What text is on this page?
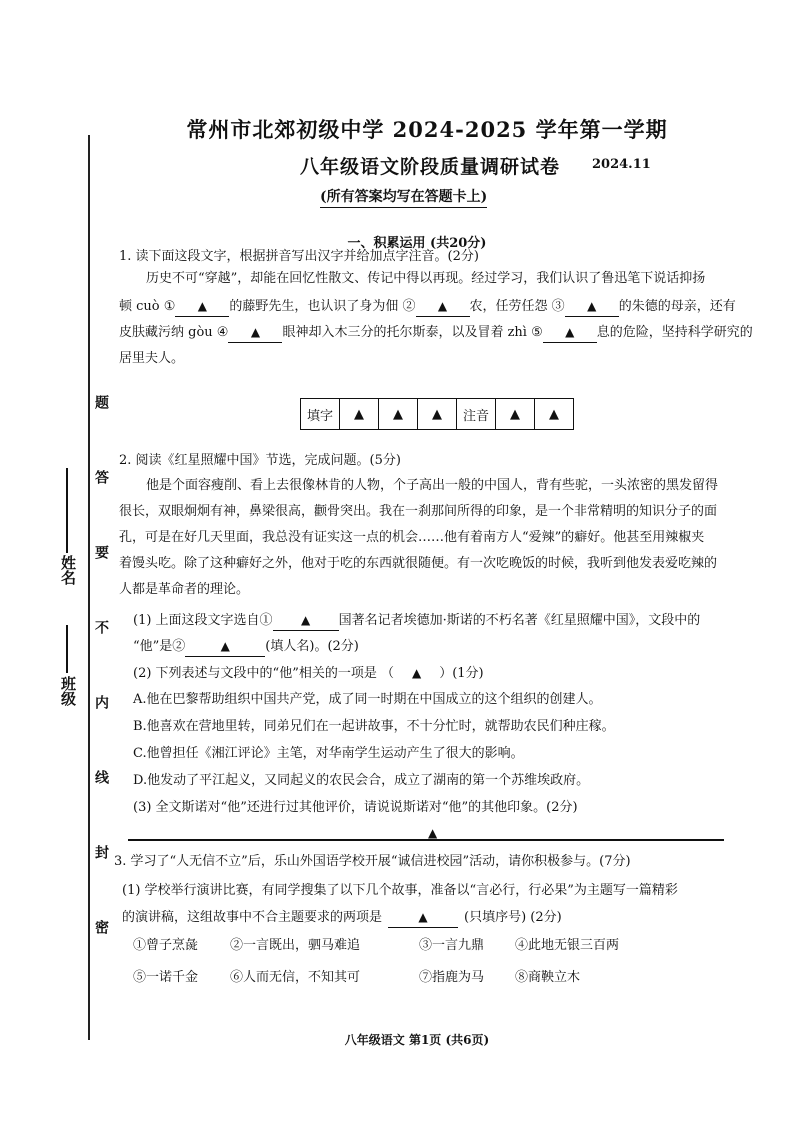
常州市北郊初级中学 2024-2025 学年第一学期
八年级语文阶段质量调研试卷 2024.11
(所有答案均写在答题卡上)
题
答
要
不
内
线
封
密
班级
姓名
一、积累运用 (共20分)
1. 读下面这段文字，根据拼音写出汉字并给加点字注音。(2分)
历史不可“穿越”，却能在回忆性散文、传记中得以再现。经过学习，我们认识了鲁迅笔下说话抑扬
顿 cuò ① ▲ 的藤野先生，也认识了身为佃 ② ▲ 农，任劳任怨 ③ ▲ 的朱德的母亲，还有
皮肤藏污纳 gòu ④ ▲ 眼神却入木三分的托尔斯泰，以及冒着 zhì ⑤ ▲ 息的危险，坚持科学研究的
居里夫人。
填字	▲	▲	▲	注音	▲	▲
2. 阅读《红星照耀中国》节选，完成问题。(5分)
他是个面容瘦削、看上去很像林肯的人物，个子高出一般的中国人，背有些驼，一头浓密的黑发留得
很长，双眼炯炯有神，鼻梁很高，颧骨突出。我在一刹那间所得的印象，是一个非常精明的知识分子的面
孔，可是在好几天里面，我总没有证实这一点的机会……他有着南方人“爱辣”的癖好。他甚至用辣椒夹
着馒头吃。除了这种癖好之外，他对于吃的东西就很随便。有一次吃晚饭的时候，我听到他发表爱吃辣的
人都是革命者的理论。
(1) 上面这段文字选自① ▲ 国著名记者埃德加·斯诺的不朽名著《红星照耀中国》，文段中的
“他”是②	▲	(填人名)。(2分)
(2) 下列表述与文段中的“他”相关的一项是 （ ▲ ）(1分)
A.他在巴黎帮助组织中国共产党，成了同一时期在中国成立的这个组织的创建人。
B.他喜欢在营地里转，同弟兄们在一起讲故事，不十分忙时，就帮助农民们种庄稼。
C.他曾担任《湘江评论》主笔，对华南学生运动产生了很大的影响。
D.他发动了平江起义，又同起义的农民会合，成立了湖南的第一个苏维埃政府。
(3) 全文斯诺对“他”还进行过其他评价，请说说斯诺对“他”的其他印象。(2分)
▲
3. 学习了“人无信不立”后，乐山外国语学校开展“诚信进校园”活动，请你积极参与。(7分)
(1) 学校举行演讲比赛，有同学搜集了以下几个故事，准备以“言必行，行必果”为主题写一篇精彩
的演讲稿，这组故事中不合主题要求的两项是	▲	(只填序号) (2分)
①曾子烹彘 ②一言既出，驷马难追	③一言九鼎 ④此地无银三百两
⑤一诺千金 ⑥人而无信，不知其可	⑦指鹿为马 ⑧商鞅立木
八年级语文 第1页 (共6页)
